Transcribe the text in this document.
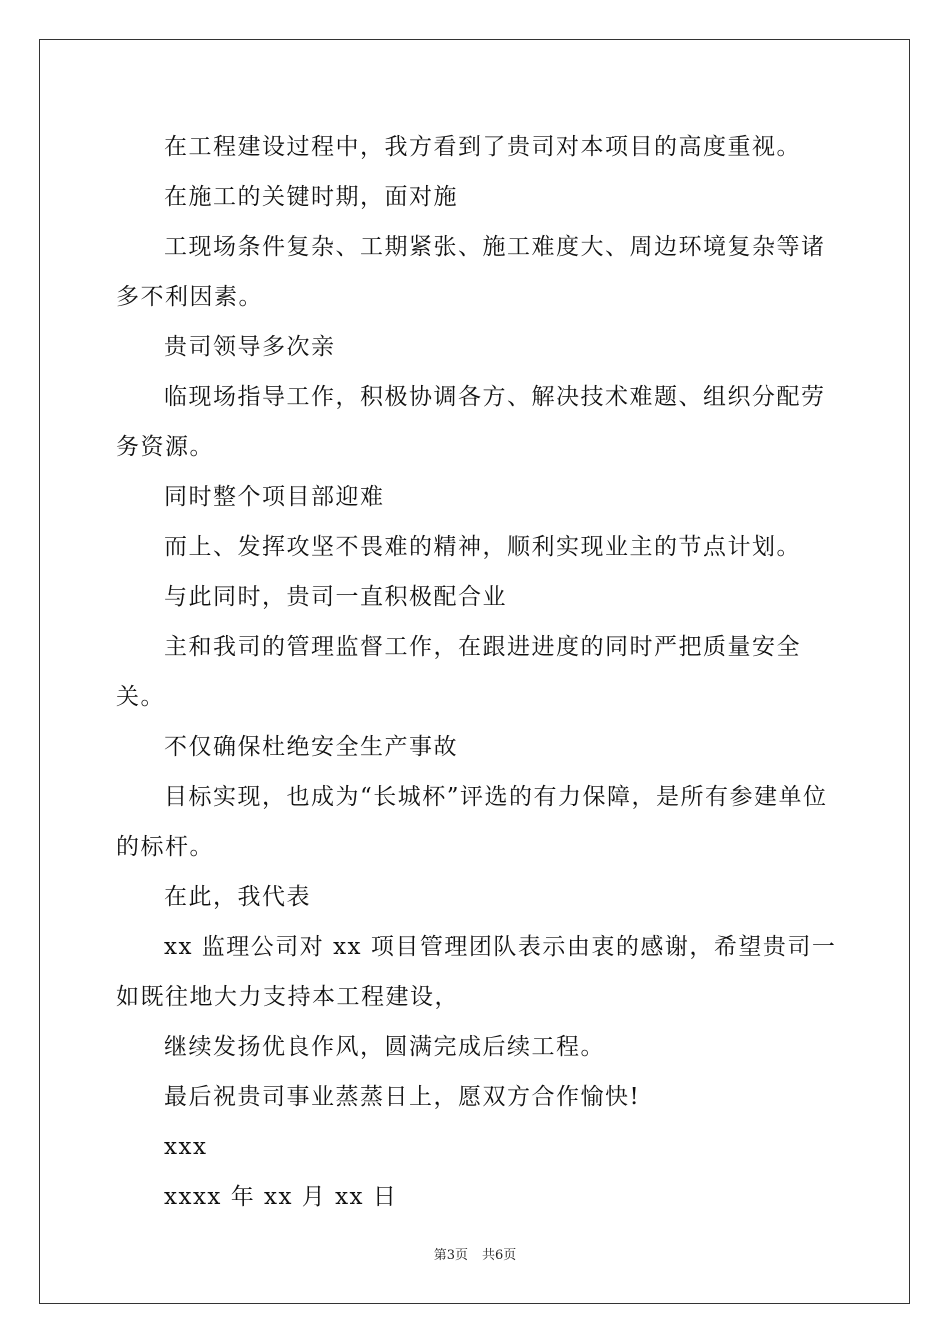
在工程建设过程中，我方看到了贵司对本项目的高度重视。

在施工的关键时期，面对施

工现场条件复杂、工期紧张、施工难度大、周边环境复杂等诸多不利因素。

贵司领导多次亲

临现场指导工作，积极协调各方、解决技术难题、组织分配劳务资源。

同时整个项目部迎难

而上、发挥攻坚不畏难的精神，顺利实现业主的节点计划。

与此同时，贵司一直积极配合业

主和我司的管理监督工作，在跟进进度的同时严把质量安全关。

不仅确保杜绝安全生产事故

目标实现，也成为“长城杯”评选的有力保障，是所有参建单位的标杆。

在此，我代表

xx 监理公司对 xx 项目管理团队表示由衷的感谢，希望贵司一如既往地大力支持本工程建设，

继续发扬优良作风，圆满完成后续工程。

最后祝贵司事业蒸蒸日上，愿双方合作愉快!

xxx

xxxx 年 xx 月 xx 日

第3页 共6页
